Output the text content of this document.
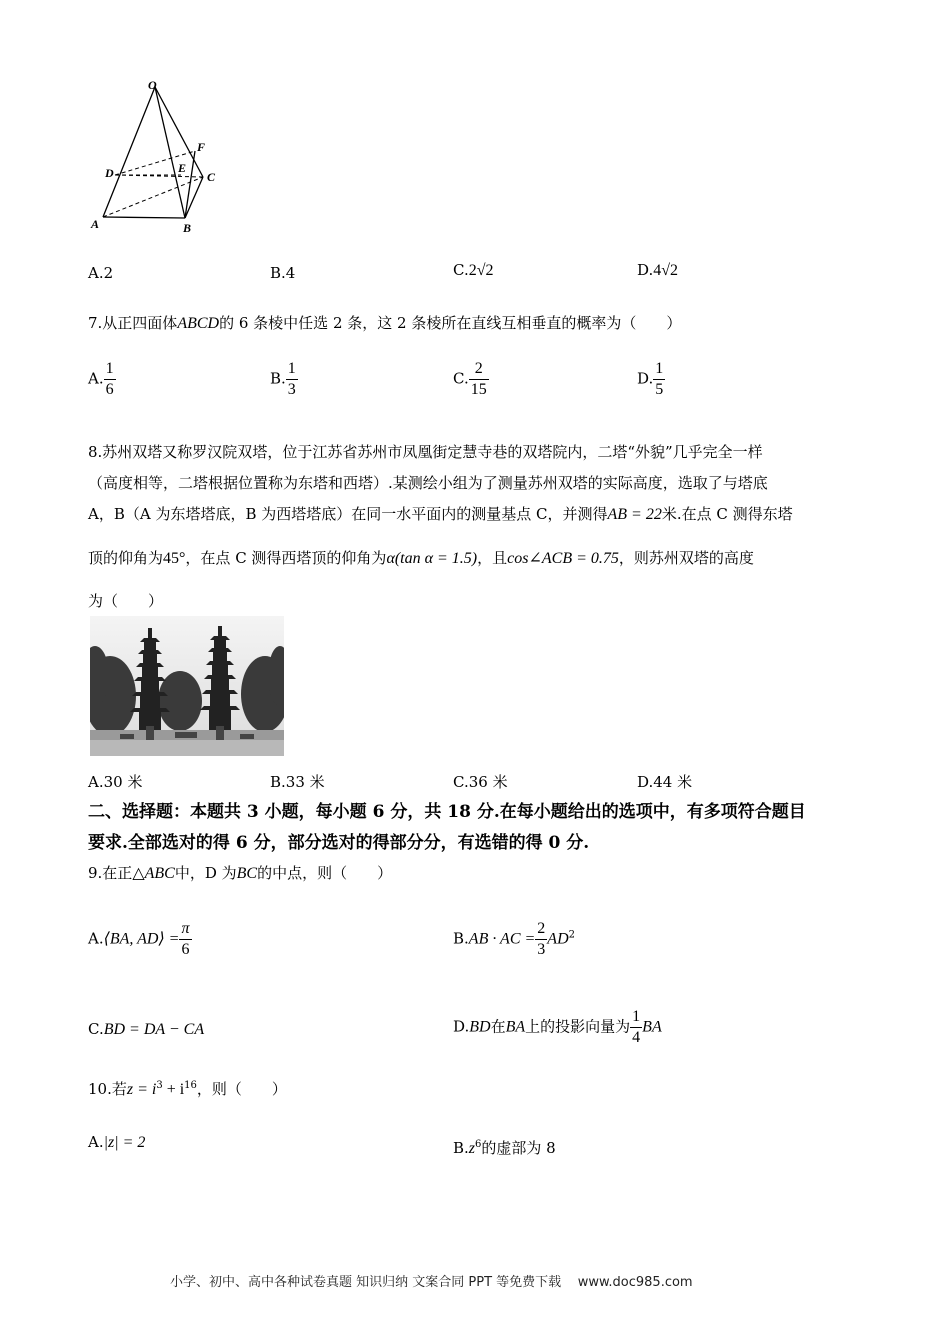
O
F
D	E
C
A	B
A.2	B.4	C.2√2	D.4√2
7.从正四面体ABCD的 6 条棱中任选 2 条，这 2 条棱所在直线互相垂直的概率为（　　）
A. $\frac{1}{6}$	B. $\frac{1}{3}$	C. $\frac{2}{15}$	D. $\frac{1}{5}$
8.苏州双塔又称罗汉院双塔，位于江苏省苏州市凤凰街定慧寺巷的双塔院内，二塔“外貌”几乎完全一样
（高度相等，二塔根据位置称为东塔和西塔）.某测绘小组为了测量苏州双塔的实际高度，选取了与塔底
A，B（A 为东塔塔底，B 为西塔塔底）在同一水平面内的测量基点 C，并测得AB = 22米.在点 C 测得东塔
顶的仰角为45°，在点 C 测得西塔顶的仰角为α(tan α = 1.5)，且cos∠ACB = 0.75，则苏州双塔的高度
为（　　）
A.30 米	B.33 米	C.36 米	D.44 米
二、选择题：本题共 3 小题，每小题 6 分，共 18 分.在每小题给出的选项中，有多项符合题目
要求.全部选对的得 6 分，部分选对的得部分分，有选错的得 0 分.
9.在正△ABC中，D 为BC的中点，则（　　）
A.⟨BA, AD⟩ = $\frac{\pi}{6}$	B.AB · AC = $\frac{2}{3} AD^2$
C.BD = DA − CA	D.BD在BA上的投影向量为 $\frac{1}{4}$ BA
10.若$z = i^3 + i^{16}$，则（　　）
A.|z| = 2	$B.z^6$的虚部为 8
小学、初中、高中各种试卷真题 知识归纳 文案合同 PPT 等免费下载 www.doc985.com
